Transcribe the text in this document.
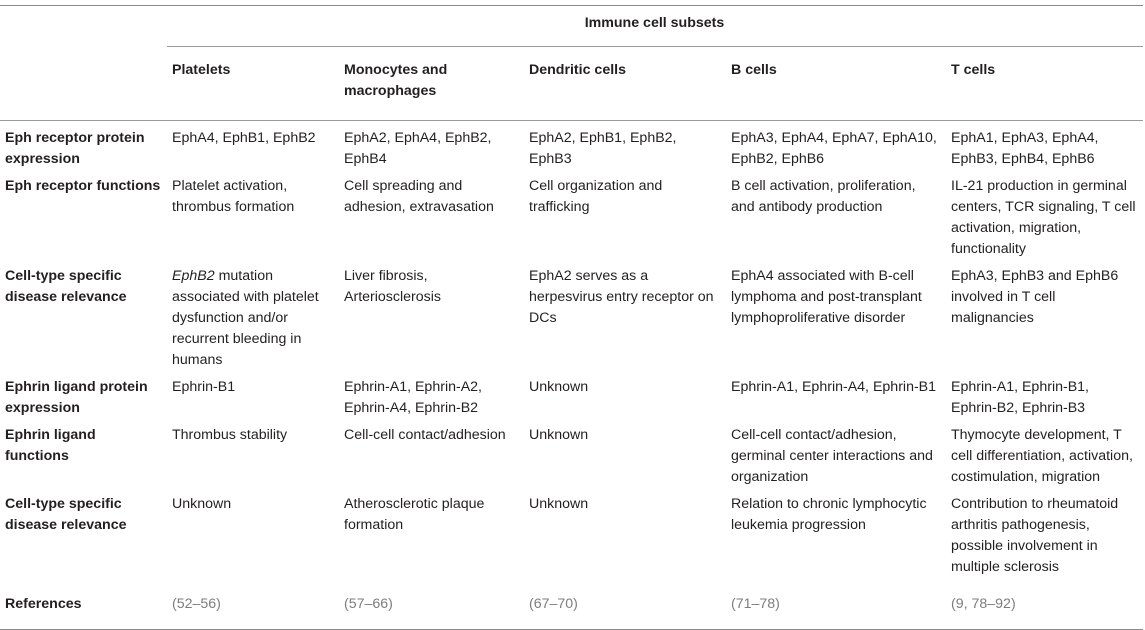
	Immune cell subsets				
	Platelets	Monocytes and macrophages	Dendritic cells	B cells	T cells
Eph receptor protein expression	EphA4, EphB1, EphB2	EphA2, EphA4, EphB2, EphB4	EphA2, EphB1, EphB2, EphB3	EphA3, EphA4, EphA7, EphA10, EphB2, EphB6	EphA1, EphA3, EphA4, EphB3, EphB4, EphB6
Eph receptor functions	Platelet activation, thrombus formation	Cell spreading and adhesion, extravasation	Cell organization and trafficking	B cell activation, proliferation, and antibody production	IL-21 production in germinal centers, TCR signaling, T cell activation, migration, functionality
Cell-type specific disease relevance	EphB2 mutation associated with platelet dysfunction and/or recurrent bleeding in humans	Liver fibrosis, Arteriosclerosis	EphA2 serves as a herpesvirus entry receptor on DCs	EphA4 associated with B-cell lymphoma and post-transplant lymphoproliferative disorder	EphA3, EphB3 and EphB6 involved in T cell malignancies
Ephrin ligand protein expression	Ephrin-B1	Ephrin-A1, Ephrin-A2, Ephrin-A4, Ephrin-B2	Unknown	Ephrin-A1, Ephrin-A4, Ephrin-B1	Ephrin-A1, Ephrin-B1, Ephrin-B2, Ephrin-B3
Ephrin ligand functions	Thrombus stability	Cell-cell contact/adhesion	Unknown	Cell-cell contact/adhesion, germinal center interactions and organization	Thymocyte development, T cell differentiation, activation, costimulation, migration
Cell-type specific disease relevance	Unknown	Atherosclerotic plaque formation	Unknown	Relation to chronic lymphocytic leukemia progression	Contribution to rheumatoid arthritis pathogenesis, possible involvement in multiple sclerosis
References	(52–56)	(57–66)	(67–70)	(71–78)	(9, 78–92)
